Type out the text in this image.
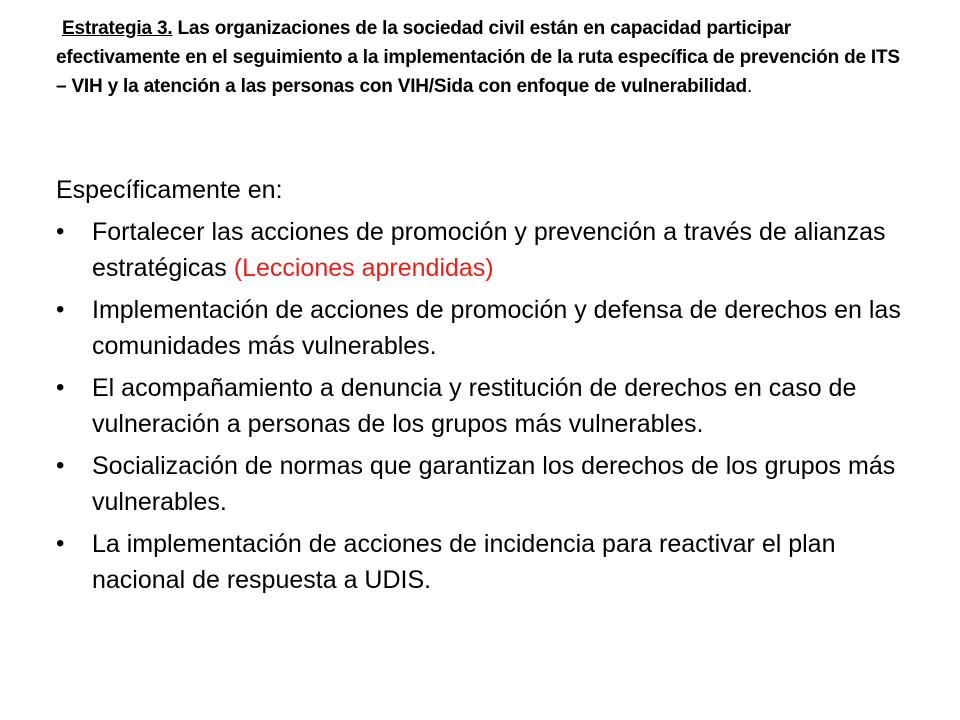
Estrategia 3. Las organizaciones de la sociedad civil están en capacidad participar efectivamente en el seguimiento a la implementación de la ruta específica de prevención de ITS – VIH y la atención a las personas con VIH/Sida con enfoque de vulnerabilidad.
Específicamente en:
•	Fortalecer las acciones de promoción y prevención a través de alianzas estratégicas (Lecciones aprendidas)
•	Implementación de acciones de promoción y defensa de derechos en las comunidades más vulnerables.
•	El acompañamiento a denuncia y restitución de derechos en caso de vulneración a personas de los grupos más vulnerables.
•	Socialización de normas que garantizan los derechos de los grupos más vulnerables.
•	La implementación de acciones de incidencia para reactivar el plan nacional de respuesta a UDIS.
